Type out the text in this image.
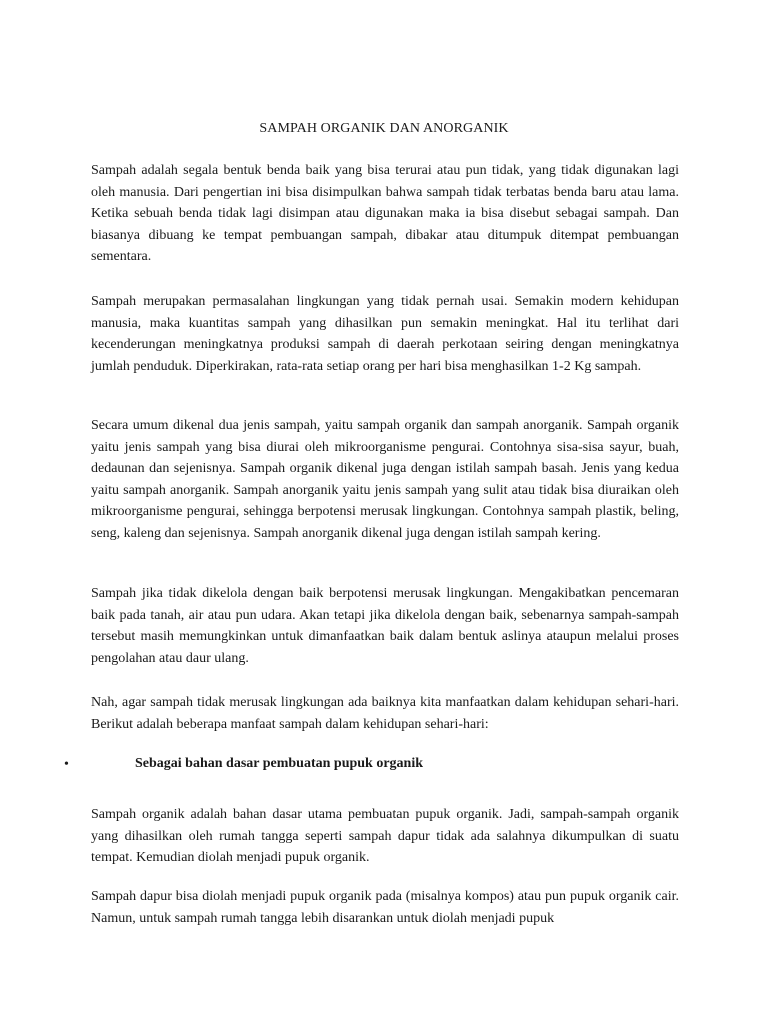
SAMPAH ORGANIK DAN ANORGANIK

Sampah adalah segala bentuk benda baik yang bisa terurai atau pun tidak, yang tidak digunakan lagi oleh manusia. Dari pengertian ini bisa disimpulkan bahwa sampah tidak terbatas benda baru atau lama. Ketika sebuah benda tidak lagi disimpan atau digunakan maka ia bisa disebut sebagai sampah. Dan biasanya dibuang ke tempat pembuangan sampah, dibakar atau ditumpuk ditempat pembuangan sementara.

Sampah merupakan permasalahan lingkungan yang tidak pernah usai. Semakin modern kehidupan manusia, maka kuantitas sampah yang dihasilkan pun semakin meningkat. Hal itu terlihat dari kecenderungan meningkatnya produksi sampah di daerah perkotaan seiring dengan meningkatnya jumlah penduduk. Diperkirakan, rata-rata setiap orang per hari bisa menghasilkan 1-2 Kg sampah.

Secara umum dikenal dua jenis sampah, yaitu sampah organik dan sampah anorganik. Sampah organik yaitu jenis sampah yang bisa diurai oleh mikroorganisme pengurai. Contohnya sisa-sisa sayur, buah, dedaunan dan sejenisnya. Sampah organik dikenal juga dengan istilah sampah basah. Jenis yang kedua yaitu sampah anorganik. Sampah anorganik yaitu jenis sampah yang sulit atau tidak bisa diuraikan oleh mikroorganisme pengurai, sehingga berpotensi merusak lingkungan. Contohnya sampah plastik, beling, seng, kaleng dan sejenisnya. Sampah anorganik dikenal juga dengan istilah sampah kering.

Sampah jika tidak dikelola dengan baik berpotensi merusak lingkungan. Mengakibatkan pencemaran baik pada tanah, air atau pun udara. Akan tetapi jika dikelola dengan baik, sebenarnya sampah-sampah tersebut masih memungkinkan untuk dimanfaatkan baik dalam bentuk aslinya ataupun melalui proses pengolahan atau daur ulang.

Nah, agar sampah tidak merusak lingkungan ada baiknya kita manfaatkan dalam kehidupan sehari-hari. Berikut adalah beberapa manfaat sampah dalam kehidupan sehari-hari:

•	Sebagai bahan dasar pembuatan pupuk organik

Sampah organik adalah bahan dasar utama pembuatan pupuk organik. Jadi, sampah-sampah organik yang dihasilkan oleh rumah tangga seperti sampah dapur tidak ada salahnya dikumpulkan di suatu tempat. Kemudian diolah menjadi pupuk organik.

Sampah dapur bisa diolah menjadi pupuk organik pada (misalnya kompos) atau pun pupuk organik cair. Namun, untuk sampah rumah tangga lebih disarankan untuk diolah menjadi pupuk
